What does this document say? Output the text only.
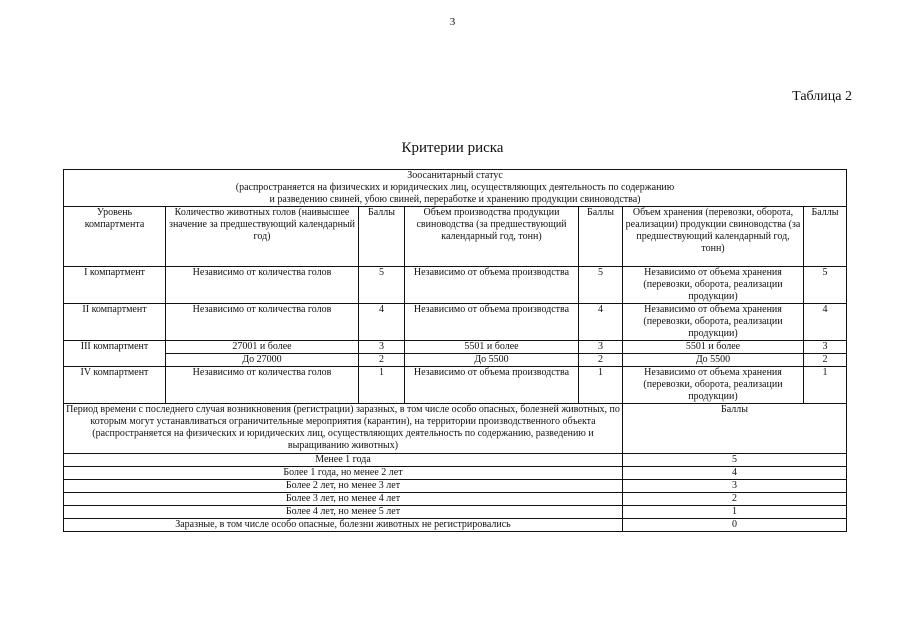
3
Таблица 2
Критерии риска
Зоосанитарный статус
(распространяется на физических и юридических лиц, осуществляющих деятельность по содержанию
и разведению свиней, убою свиней, переработке и хранению продукции свиноводства)						

Уровень компартмента	Количество животных голов (наивысшее значение за предшествующий календарный год)	Баллы	Объем производства продукции свиноводства (за предшествующий календарный год, тонн)	Баллы	Объем хранения (перевозки, оборота, реализации) продукции свиноводства (за предшествующий календарный год, тонн)	Баллы
I компартмент	Независимо от количества голов	5	Независимо от объема производства	5	Независимо от объема хранения (перевозки, оборота, реализации продукции)	5
II компартмент	Независимо от количества голов	4	Независимо от объема производства	4	Независимо от объема хранения (перевозки, оборота, реализации продукции)	4
III компартмент	27001 и более	3	5501 и более	3	5501 и более	3
	До 27000	2	До 5500	2	До 5500	2
IV компартмент	Независимо от количества голов	1	Независимо от объема производства	1	Независимо от объема хранения (перевозки, оборота, реализации продукции)	1
Период времени с последнего случая возникновения (регистрации) заразных, в том числе особо опасных, болезней животных, по которым могут устанавливаться ограничительные мероприятия (карантин), на территории производственного объекта (распространяется на физических и юридических лиц, осуществляющих деятельность по содержанию, разведению и выращиванию животных)					Баллы	
Менее 1 года					5	
Более 1 года, но менее 2 лет					4	
Более 2 лет, но менее 3 лет					3	
Более 3 лет, но менее 4 лет					2	
Более 4 лет, но менее 5 лет					1	
Заразные, в том числе особо опасные, болезни животных не регистрировались					0	
